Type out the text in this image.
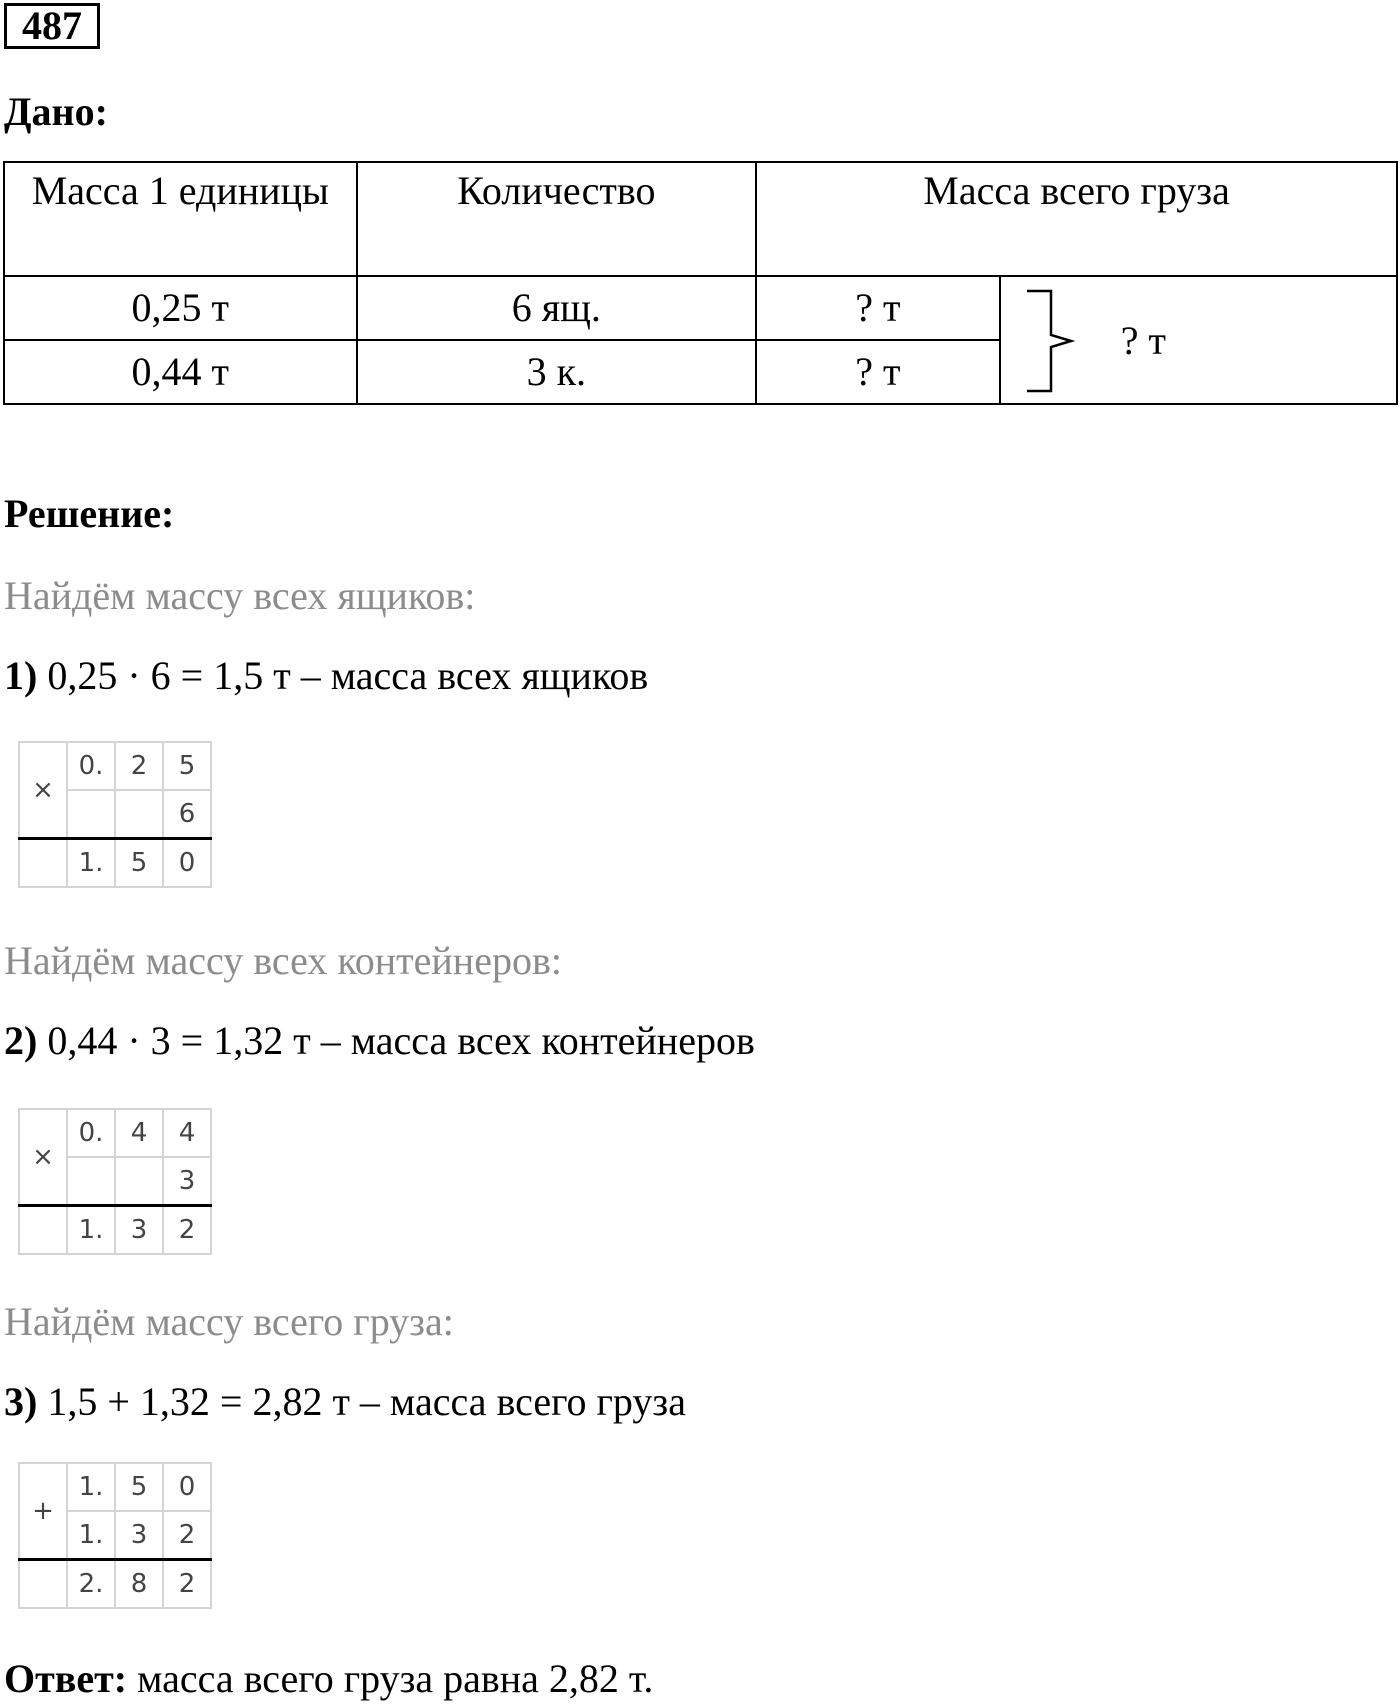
487
Дано:
Масса 1 единицы	Количество	Масса всего груза	
0,25 т	6 ящ.	? т	? т

0,44 т	3 к.	? т	
Решение:
Найдём массу всех ящиков:
1) 0,25 · 6 = 1,5 т – масса всех ящиков
×	0.	2	5
			6
	1.	5	0
Найдём массу всех контейнеров:
2) 0,44 · 3 = 1,32 т – масса всех контейнеров
×	0.	4	4
			3
	1.	3	2
Найдём массу всего груза:
3) 1,5 + 1,32 = 2,82 т – масса всего груза
+	1.	5	0
	1.	3	2
	2.	8	2
Ответ: масса всего груза равна 2,82 т.
